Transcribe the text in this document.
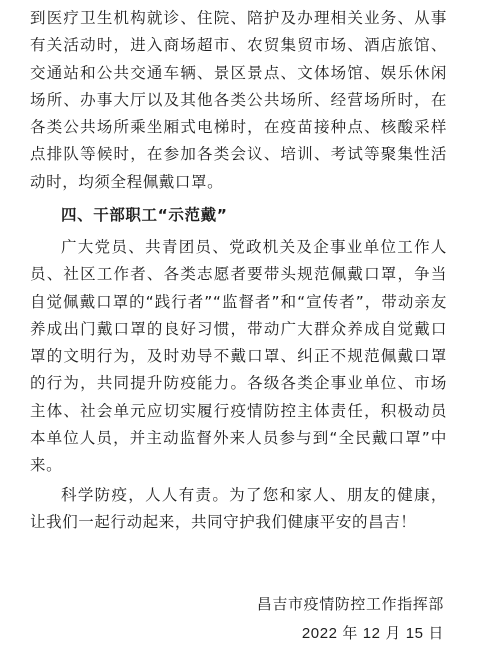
到医疗卫生机构就诊、住院、陪护及办理相关业务、从事有关活动时，进入商场超市、农贸集贸市场、酒店旅馆、交通站和公共交通车辆、景区景点、文体场馆、娱乐休闲场所、办事大厅以及其他各类公共场所、经营场所时，在各类公共场所乘坐厢式电梯时，在疫苗接种点、核酸采样点排队等候时，在参加各类会议、培训、考试等聚集性活动时，均须全程佩戴口罩。

四、干部职工“示范戴”

广大党员、共青团员、党政机关及企事业单位工作人员、社区工作者、各类志愿者要带头规范佩戴口罩，争当自觉佩戴口罩的“践行者”“监督者”和“宣传者”，带动亲友养成出门戴口罩的良好习惯，带动广大群众养成自觉戴口罩的文明行为，及时劝导不戴口罩、纠正不规范佩戴口罩的行为，共同提升防疫能力。各级各类企事业单位、市场主体、社会单元应切实履行疫情防控主体责任，积极动员本单位人员，并主动监督外来人员参与到“全民戴口罩”中来。

科学防疫，人人有责。为了您和家人、朋友的健康，让我们一起行动起来，共同守护我们健康平安的昌吉！

昌吉市疫情防控工作指挥部
2022 年 12 月 15 日
